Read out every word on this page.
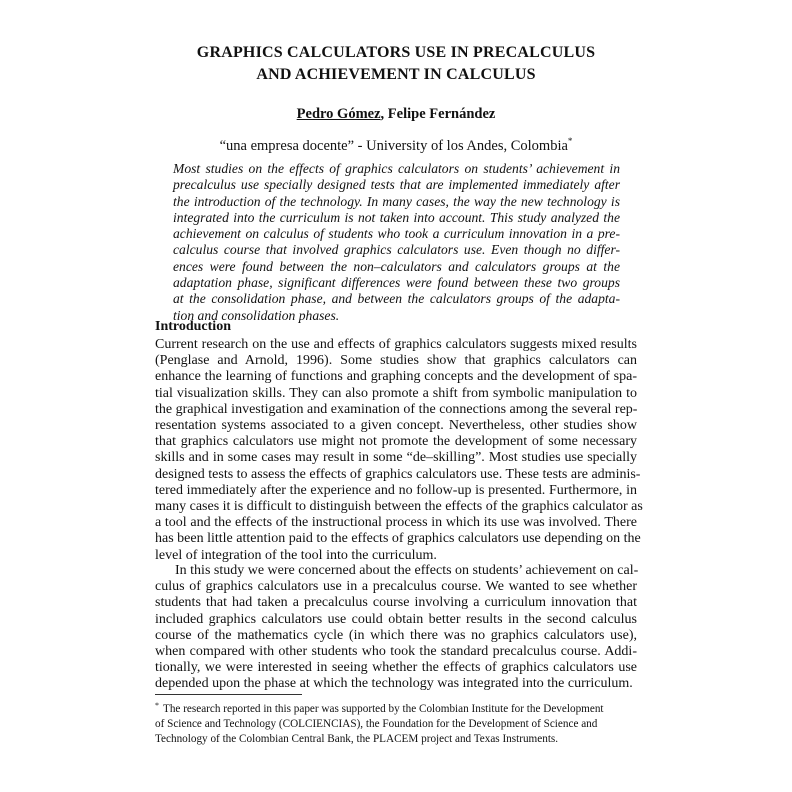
GRAPHICS CALCULATORS USE IN PRECALCULUS
AND ACHIEVEMENT IN CALCULUS
Pedro Gómez, Felipe Fernández
“una empresa docente” - University of los Andes, Colombia*
Most studies on the effects of graphics calculators on students’ achievement in
precalculus use specially designed tests that are implemented immediately after
the introduction of the technology. In many cases, the way the new technology is
integrated into the curriculum is not taken into account. This study analyzed the
achievement on calculus of students who took a curriculum innovation in a pre-
calculus course that involved graphics calculators use. Even though no differ-
ences were found between the non–calculators and calculators groups at the
adaptation phase, significant differences were found between these two groups
at the consolidation phase, and between the calculators groups of the adapta-
tion and consolidation phases.
Introduction
Current research on the use and effects of graphics calculators suggests mixed results
(Penglase and Arnold, 1996). Some studies show that graphics calculators can
enhance the learning of functions and graphing concepts and the development of spa-
tial visualization skills. They can also promote a shift from symbolic manipulation to
the graphical investigation and examination of the connections among the several rep-
resentation systems associated to a given concept. Nevertheless, other studies show
that graphics calculators use might not promote the development of some necessary
skills and in some cases may result in some “de–skilling”. Most studies use specially
designed tests to assess the effects of graphics calculators use. These tests are adminis-
tered immediately after the experience and no follow-up is presented. Furthermore, in
many cases it is difficult to distinguish between the effects of the graphics calculator as
a tool and the effects of the instructional process in which its use was involved. There
has been little attention paid to the effects of graphics calculators use depending on the
level of integration of the tool into the curriculum.
In this study we were concerned about the effects on students’ achievement on cal-
culus of graphics calculators use in a precalculus course. We wanted to see whether
students that had taken a precalculus course involving a curriculum innovation that
included graphics calculators use could obtain better results in the second calculus
course of the mathematics cycle (in which there was no graphics calculators use),
when compared with other students who took the standard precalculus course. Addi-
tionally, we were interested in seeing whether the effects of graphics calculators use
depended upon the phase at which the technology was integrated into the curriculum.
* The research reported in this paper was supported by the Colombian Institute for the Development
of Science and Technology (COLCIENCIAS), the Foundation for the Development of Science and
Technology of the Colombian Central Bank, the PLACEM project and Texas Instruments.
